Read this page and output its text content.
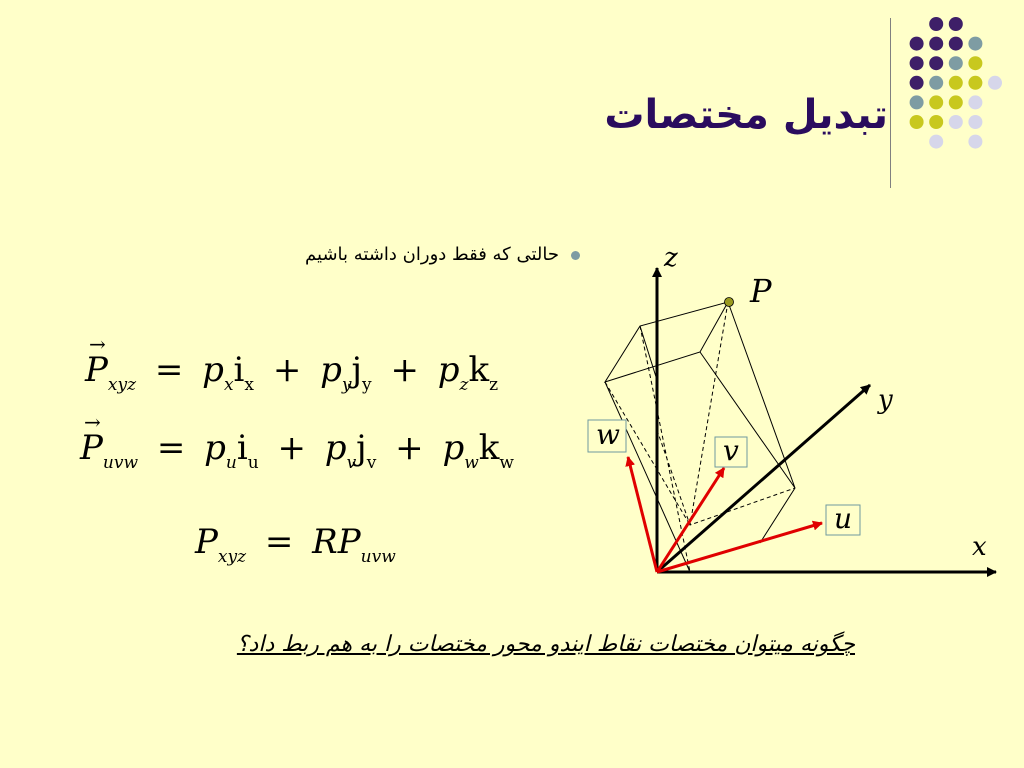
تبدیل مختصات
حالتی که فقط دوران داشته باشیم
→ $P_{xyz} = p_xi_x + p_yj_y + p_zk_z$
→ $P_{uvw} = p_ui_u + p_vj_v + p_wk_w$
$P_{xyz} = RP_{uvw}$
z
y
x
P
w	v
u
چگونه میتوان مختصات نقاط ایندو محور مختصات را به هم ربط داد؟
